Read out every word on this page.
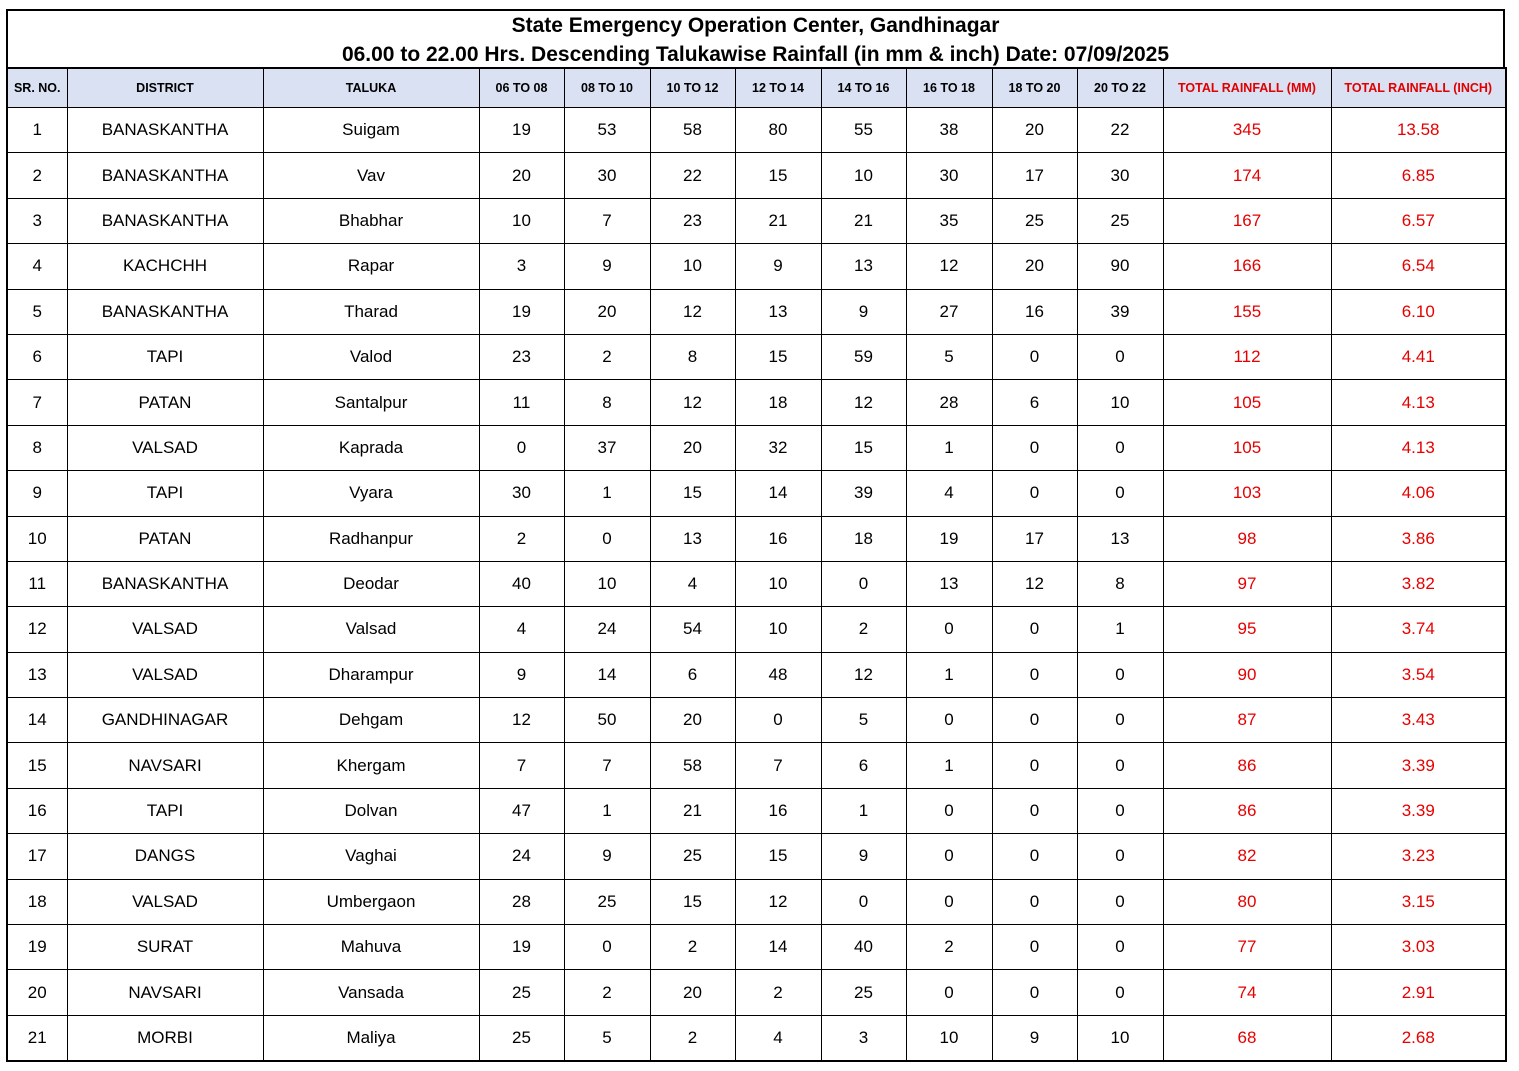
State Emergency Operation Center, Gandhinagar
06.00 to 22.00 Hrs. Descending Talukawise Rainfall (in mm & inch) Date: 07/09/2025
SR. NO.	DISTRICT	TALUKA	06 TO 08	08 TO 10	10 TO 12	12 TO 14	14 TO 16	16 TO 18	18 TO 20	20 TO 22	TOTAL RAINFALL (MM)	TOTAL RAINFALL (INCH)
1	BANASKANTHA	Suigam	19	53	58	80	55	38	20	22	345	13.58
2	BANASKANTHA	Vav	20	30	22	15	10	30	17	30	174	6.85
3	BANASKANTHA	Bhabhar	10	7	23	21	21	35	25	25	167	6.57
4	KACHCHH	Rapar	3	9	10	9	13	12	20	90	166	6.54
5	BANASKANTHA	Tharad	19	20	12	13	9	27	16	39	155	6.10
6	TAPI	Valod	23	2	8	15	59	5	0	0	112	4.41
7	PATAN	Santalpur	11	8	12	18	12	28	6	10	105	4.13
8	VALSAD	Kaprada	0	37	20	32	15	1	0	0	105	4.13
9	TAPI	Vyara	30	1	15	14	39	4	0	0	103	4.06
10	PATAN	Radhanpur	2	0	13	16	18	19	17	13	98	3.86
11	BANASKANTHA	Deodar	40	10	4	10	0	13	12	8	97	3.82
12	VALSAD	Valsad	4	24	54	10	2	0	0	1	95	3.74
13	VALSAD	Dharampur	9	14	6	48	12	1	0	0	90	3.54
14	GANDHINAGAR	Dehgam	12	50	20	0	5	0	0	0	87	3.43
15	NAVSARI	Khergam	7	7	58	7	6	1	0	0	86	3.39
16	TAPI	Dolvan	47	1	21	16	1	0	0	0	86	3.39
17	DANGS	Vaghai	24	9	25	15	9	0	0	0	82	3.23
18	VALSAD	Umbergaon	28	25	15	12	0	0	0	0	80	3.15
19	SURAT	Mahuva	19	0	2	14	40	2	0	0	77	3.03
20	NAVSARI	Vansada	25	2	20	2	25	0	0	0	74	2.91
21	MORBI	Maliya	25	5	2	4	3	10	9	10	68	2.68
